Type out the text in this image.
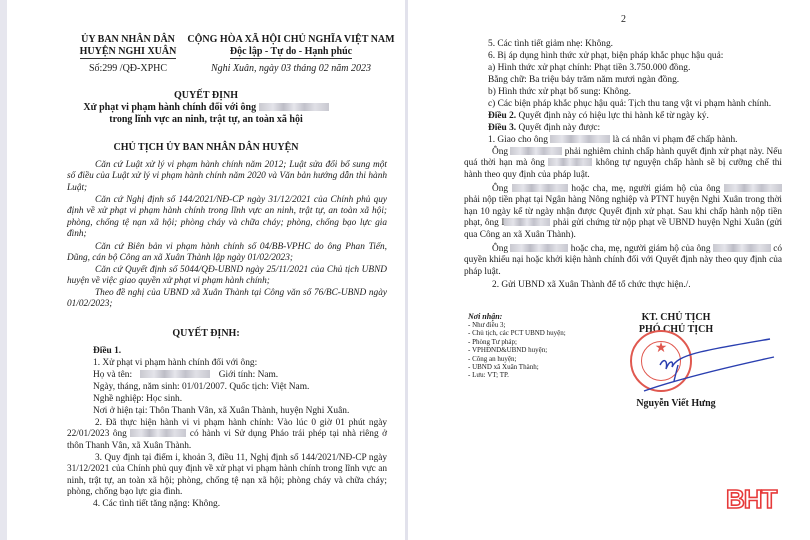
ỦY BAN NHÂN DÂN
HUYỆN NGHI XUÂN
Số:299 /QĐ-XPHC
CỘNG HÒA XÃ HỘI CHỦ NGHĨA VIỆT NAM
Độc lập - Tự do - Hạnh phúc
Nghi Xuân, ngày 03 tháng 02 năm 2023
QUYẾT ĐỊNH
Xử phạt vi phạm hành chính đối với ông
trong lĩnh vực an ninh, trật tự, an toàn xã hội
CHỦ TỊCH ỦY BAN NHÂN DÂN HUYỆN
Căn cứ Luật xử lý vi phạm hành chính năm 2012; Luật sửa đổi bổ sung một số điều của Luật xử lý vi phạm hành chính năm 2020 và Văn bản hướng dẫn thi hành Luật;
Căn cứ Nghị định số 144/2021/NĐ-CP ngày 31/12/2021 của Chính phủ quy định về xử phạt vi phạm hành chính trong lĩnh vực an ninh, trật tự, an toàn xã hội; phòng, chống tệ nạn xã hội; phòng cháy và chữa cháy; phòng, chống bạo lực gia đình;
Căn cứ Biên bản vi phạm hành chính số 04/BB-VPHC do ông Phan Tiến, Dũng, cán bộ Công an xã Xuân Thành lập ngày 01/02/2023;
Căn cứ Quyết định số 5044/QĐ-UBND ngày 25/11/2021 của Chủ tịch UBND huyện về việc giao quyền xử phạt vi phạm hành chính;
Theo đề nghị của UBND xã Xuân Thành tại Công văn số 76/BC-UBND ngày 01/02/2023;
QUYẾT ĐỊNH:
Điều 1.
1. Xử phạt vi phạm hành chính đối với ông:
Họ và tên:	Giới tính: Nam.
Ngày, tháng, năm sinh: 01/01/2007. Quốc tịch: Việt Nam.
Nghề nghiệp: Học sinh.
Nơi ở hiện tại: Thôn Thanh Vân, xã Xuân Thành, huyện Nghi Xuân.
2. Đã thực hiện hành vi vi phạm hành chính: Vào lúc 0 giờ 01 phút ngày 22/01/2023 ông	có hành vi Sử dụng Pháo trái phép tại nhà riêng ở thôn Thanh Vân, xã Xuân Thành.
3. Quy định tại điểm i, khoản 3, điều 11, Nghị định số 144/2021/NĐ-CP ngày 31/12/2021 của Chính phủ quy định về xử phạt vi phạm hành chính trong lĩnh vực an ninh, trật tự, an toàn xã hội; phòng, chống tệ nạn xã hội; phòng cháy và chữa cháy; phòng, chống bạo lực gia đình.
4. Các tình tiết tăng nặng: Không.
2
5. Các tình tiết giảm nhẹ: Không.
6. Bị áp dụng hình thức xử phạt, biện pháp khắc phục hậu quả:
a) Hình thức xử phạt chính: Phạt tiền 3.750.000 đồng.
Bằng chữ: Ba triệu bảy trăm năm mươi ngàn đồng.
b) Hình thức xử phạt bổ sung: Không.
c) Các biện pháp khắc phục hậu quả: Tịch thu tang vật vi phạm hành chính.
Điều 2. Quyết định này có hiệu lực thi hành kể từ ngày ký.
Điều 3. Quyết định này được:
1. Giao cho ông	là cá nhân vi phạm để chấp hành.
Ông	phải nghiêm chỉnh chấp hành quyết định xử phạt này. Nếu quá thời hạn mà ông	không tự nguyện chấp hành sẽ bị cưỡng chế thi hành theo quy định của pháp luật.
Ông	hoặc cha, mẹ, người giám hộ của ông  phải nộp tiền phạt tại Ngân hàng Nông nghiệp và PTNT huyện Nghi Xuân trong thời hạn 10 ngày kể từ ngày nhận được Quyết định xử phạt. Sau khi chấp hành nộp tiền phạt, ông I	phải gửi chứng từ nộp phạt về UBND huyện Nghi Xuân (gửi qua Công an xã Xuân Thành).
Ông	hoặc cha, mẹ, người giám hộ của ông	có quyền khiếu nại hoặc khởi kiện hành chính đối với Quyết định này theo quy định của pháp luật.
2. Gửi UBND xã Xuân Thành để tổ chức thực hiện./.
Nơi nhận:
- Như điều 3;
- Chủ tịch, các PCT UBND huyện;
- Phòng Tư pháp;
- VPHĐND&UBND huyện;
- Công an huyện;
- UBND xã Xuân Thành;
- Lưu: VT; TP.
KT. CHỦ TỊCH
PHÓ CHỦ TỊCH
★
Nguyễn Viết Hưng
BHT
